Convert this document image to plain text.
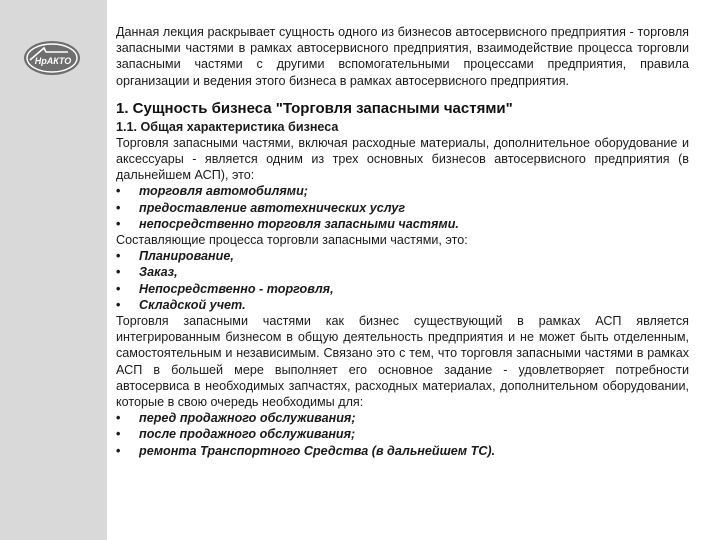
НрАКТО

Данная лекция раскрывает сущность одного из бизнесов автосервисного предприятия - торговля запасными частями в рамках автосервисного предприятия, взаимодействие процесса торговли запасными частями с другими вспомогательными процессами предприятия, правила организации и ведения этого бизнеса в рамках автосервисного предприятия.

1. Сущность бизнеса "Торговля запасными частями"
1.1. Общая характеристика бизнеса

Торговля запасными частями, включая расходные материалы, дополнительное оборудование и аксессуары - является одним из трех основных бизнесов автосервисного предприятия (в дальнейшем АСП), это:

•	торговля автомобилями;
•	предоставление автотехнических услуг
•	непосредственно торговля запасными частями.

Составляющие процесса торговли запасными частями, это:

•	Планирование,
•	Заказ,
•	Непосредственно - торговля,
•	Складской учет.

Торговля запасными частями как бизнес существующий в рамках АСП является интегрированным бизнесом в общую деятельность предприятия и не может быть отделенным, самостоятельным и независимым. Связано это с тем, что торговля запасными частями в рамках АСП в большей мере выполняет его основное задание - удовлетворяет потребности автосервиса в необходимых запчастях, расходных материалах, дополнительном оборудовании, которые в свою очередь необходимы для:

•	перед продажного обслуживания;
•	после продажного обслуживания;
•	ремонта Транспортного Средства (в дальнейшем ТС).
